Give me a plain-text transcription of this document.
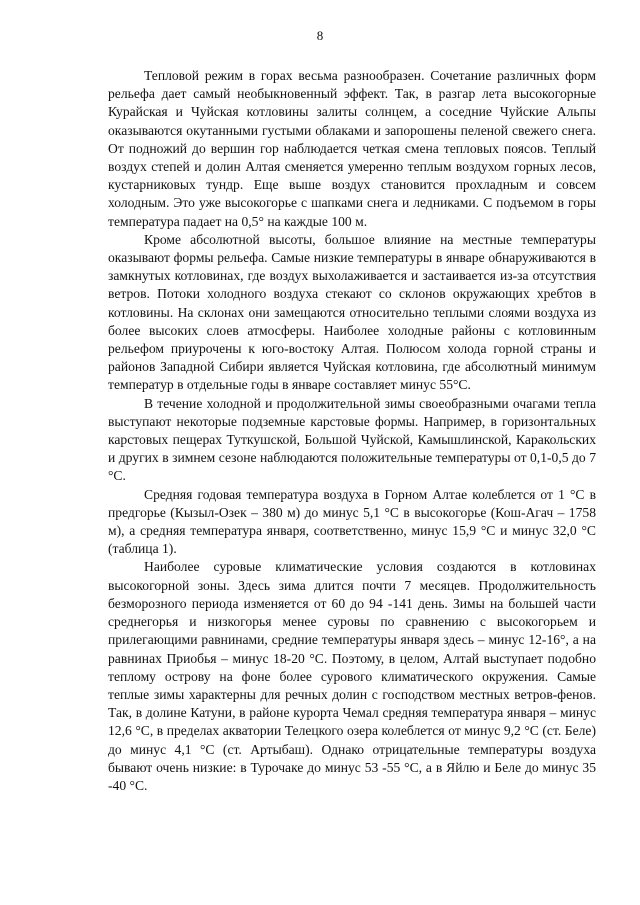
8

Тепловой режим в горах весьма разнообразен. Сочетание различных форм рельефа дает самый необыкновенный эффект. Так, в разгар лета высокогорные Курайская и Чуйская котловины залиты солнцем, а соседние Чуйские Альпы оказываются окутанными густыми облаками и запорошены пеленой свежего снега. От подножий до вершин гор наблюдается четкая смена тепловых поясов. Теплый воздух степей и долин Алтая сменяется умеренно теплым воздухом горных лесов, кустарниковых тундр. Еще выше воздух становится прохладным и совсем холодным. Это уже высокогорье с шапками снега и ледниками. С подъемом в горы температура падает на 0,5° на каждые 100 м.

Кроме абсолютной высоты, большое влияние на местные температуры оказывают формы рельефа. Самые низкие температуры в январе обнаруживаются в замкнутых котловинах, где воздух выхолаживается и застаивается из-за отсутствия ветров. Потоки холодного воздуха стекают со склонов окружающих хребтов в котловины. На склонах они замещаются относительно теплыми слоями воздуха из более высоких слоев атмосферы. Наиболее холодные районы с котловинным рельефом приурочены к юго-востоку Алтая. Полюсом холода горной страны и районов Западной Сибири является Чуйская котловина, где абсолютный минимум температур в отдельные годы в январе составляет минус 55°С.

В течение холодной и продолжительной зимы своеобразными очагами тепла выступают некоторые подземные карстовые формы. Например, в горизонтальных карстовых пещерах Туткушской, Большой Чуйской, Камышлинской, Каракольских и других в зимнем сезоне наблюдаются положительные температуры от 0,1-0,5 до 7 °С.

Средняя годовая температура воздуха в Горном Алтае колеблется от 1 °С в предгорье (Кызыл-Озек – 380 м) до минус 5,1 °С в высокогорье (Кош-Агач – 1758 м), а средняя температура января, соответственно, минус 15,9 °С и минус 32,0 °С (таблица 1).

Наиболее суровые климатические условия создаются в котловинах высокогорной зоны. Здесь зима длится почти 7 месяцев. Продолжительность безморозного периода изменяется от 60 до 94 -141 день. Зимы на большей части среднегорья и низкогорья менее суровы по сравнению с высокогорьем и прилегающими равнинами, средние температуры января здесь – минус 12-16°, а на равнинах Приобья – минус 18-20 °С. Поэтому, в целом, Алтай выступает подобно теплому острову на фоне более сурового климатического окружения. Самые теплые зимы характерны для речных долин с господством местных ветров-фенов. Так, в долине Катуни, в районе курорта Чемал средняя температура января – минус 12,6 °С, в пределах акватории Телецкого озера колеблется от минус 9,2 °С (ст. Беле) до минус 4,1 °С (ст. Артыбаш). Однако отрицательные температуры воздуха бывают очень низкие: в Турочаке до минус 53 -55 °С, а в Яйлю и Беле до минус 35 -40 °С.
